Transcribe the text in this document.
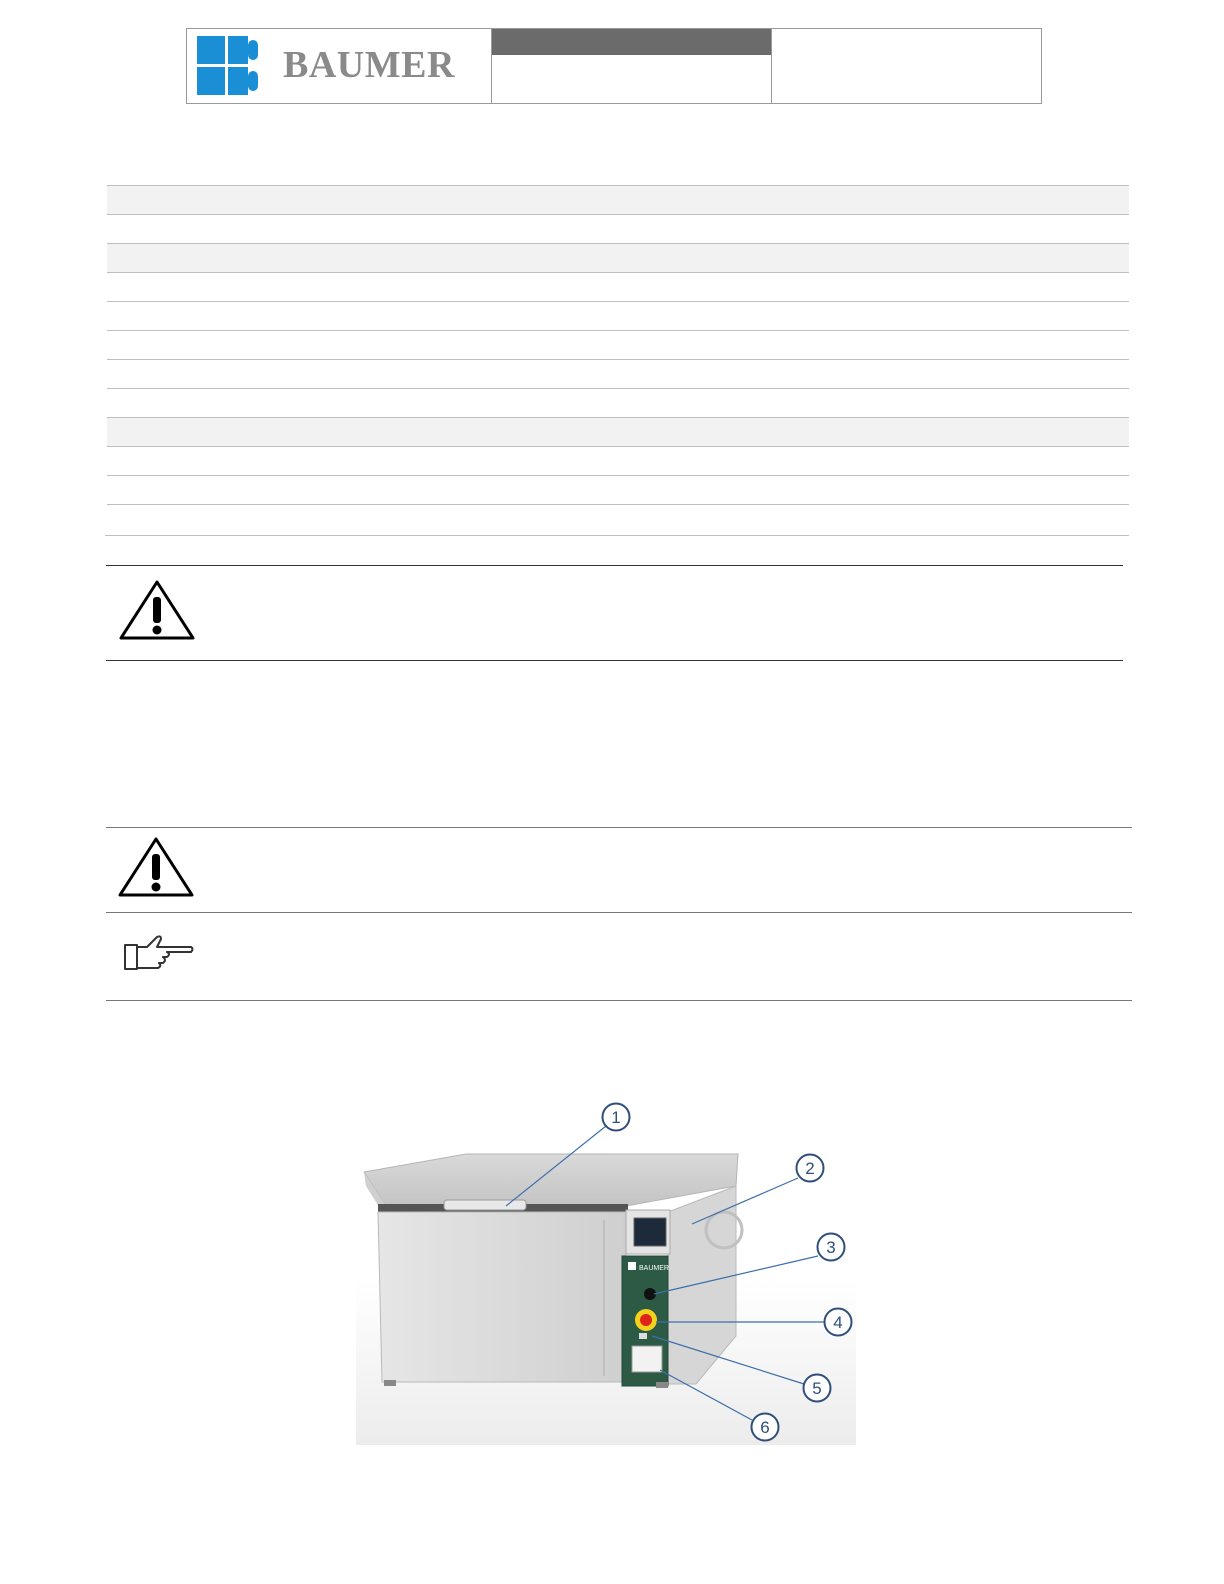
BAUMER
BAUMER
1
2
3
4
5
6
